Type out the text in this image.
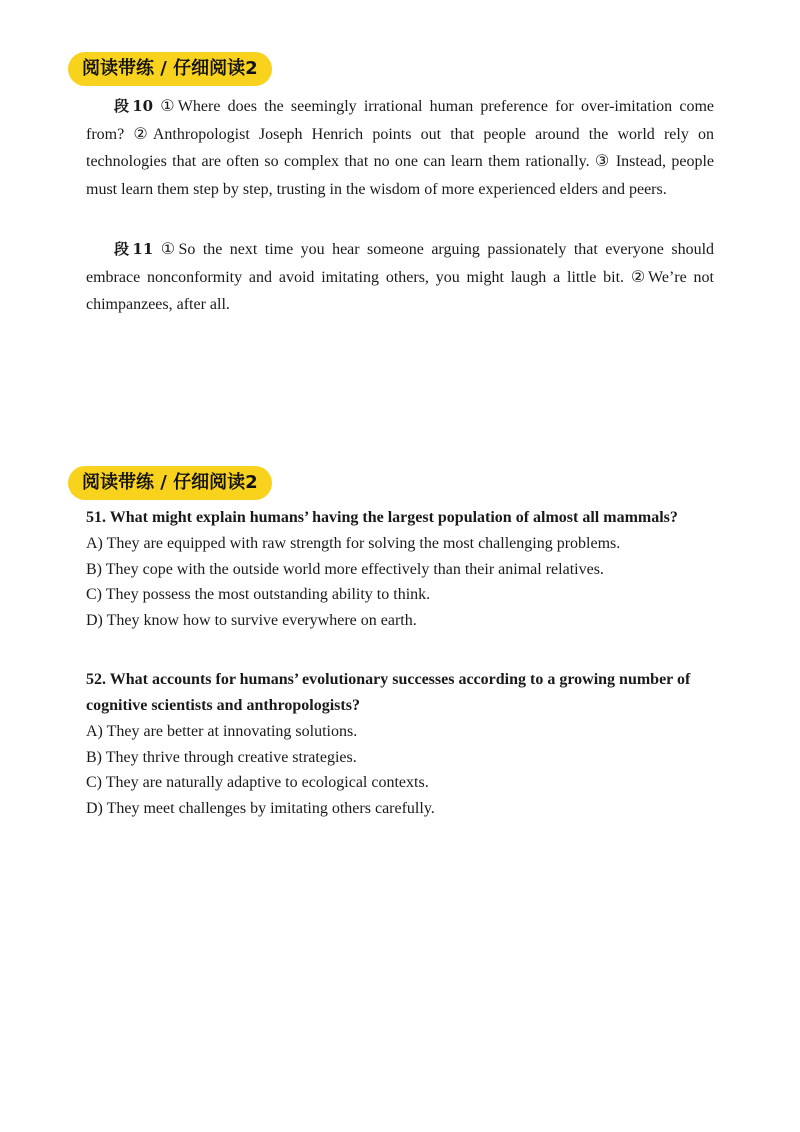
阅读带练 / 仔细阅读2

段10 ①Where does the seemingly irrational human preference for over-imitation come from? ②Anthropologist Joseph Henrich points out that people around the world rely on technologies that are often so complex that no one can learn them rationally. ③ Instead, people must learn them step by step, trusting in the wisdom of more experienced elders and peers.

段11 ①So the next time you hear someone arguing passionately that everyone should embrace nonconformity and avoid imitating others, you might laugh a little bit. ②We’re not chimpanzees, after all.

阅读带练 / 仔细阅读2

51. What might explain humans’ having the largest population of almost all mammals?

A) They are equipped with raw strength for solving the most challenging problems.

B) They cope with the outside world more effectively than their animal relatives.

C) They possess the most outstanding ability to think.

D) They know how to survive everywhere on earth.

52. What accounts for humans’ evolutionary successes according to a growing number of cognitive scientists and anthropologists?

A) They are better at innovating solutions.

B) They thrive through creative strategies.

C) They are naturally adaptive to ecological contexts.

D) They meet challenges by imitating others carefully.
